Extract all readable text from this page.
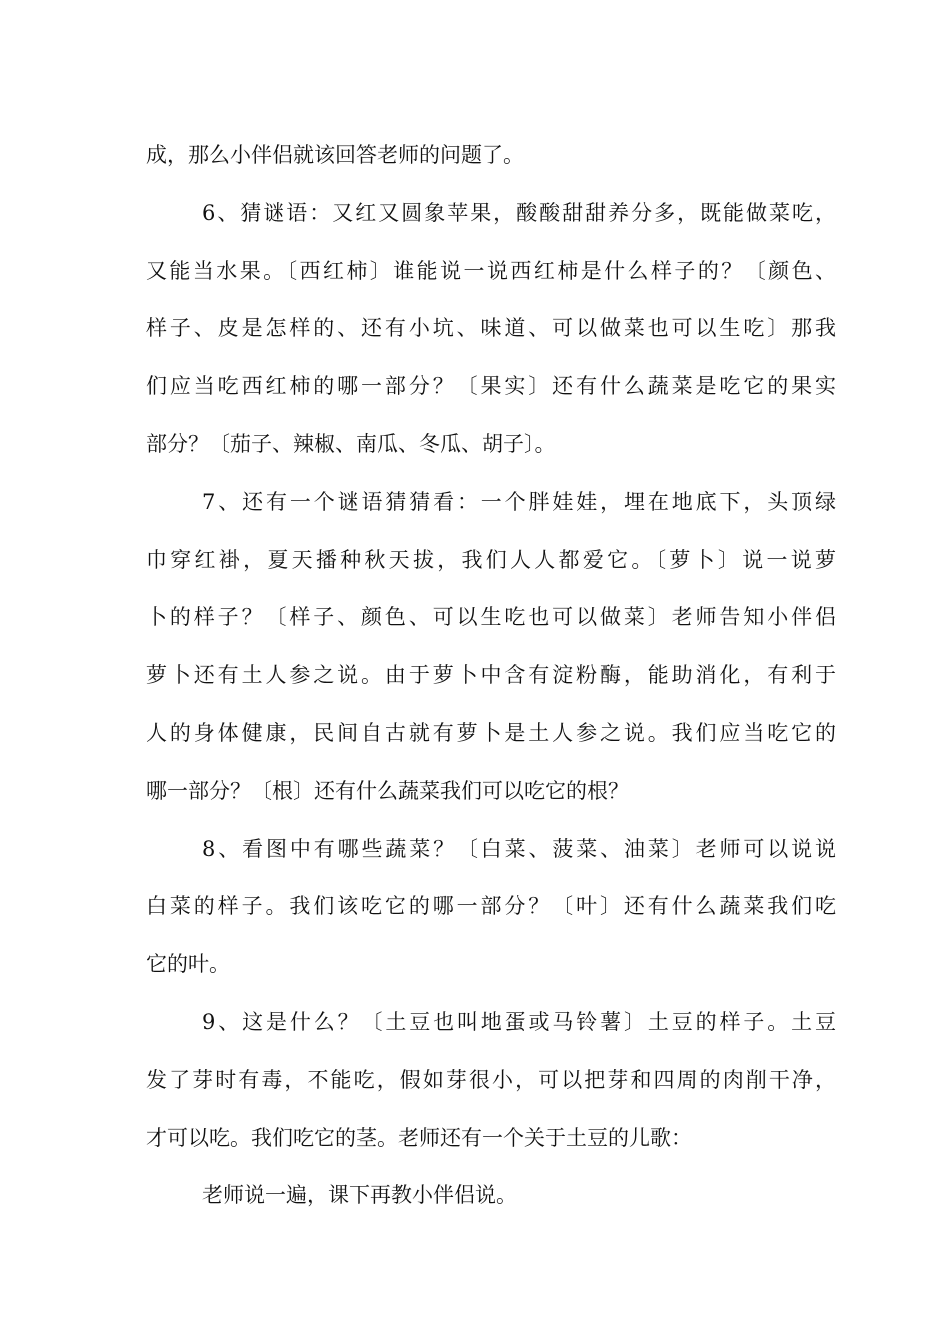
成，那么小伴侣就该回答老师的问题了。
6、猜谜语：又红又圆象苹果，酸酸甜甜养分多，既能做菜吃，
又能当水果。〔西红柿〕谁能说一说西红柿是什么样子的？〔颜色、
样子、皮是怎样的、还有小坑、味道、可以做菜也可以生吃〕那我
们应当吃西红柿的哪一部分？〔果实〕还有什么蔬菜是吃它的果实
部分？〔茄子、辣椒、南瓜、冬瓜、胡子〕。
7、还有一个谜语猜猜看：一个胖娃娃，埋在地底下，头顶绿
巾穿红褂，夏天播种秋天拔，我们人人都爱它。〔萝卜〕说一说萝
卜的样子？〔样子、颜色、可以生吃也可以做菜〕老师告知小伴侣
萝卜还有土人参之说。由于萝卜中含有淀粉酶，能助消化，有利于
人的身体健康，民间自古就有萝卜是土人参之说。我们应当吃它的
哪一部分？〔根〕还有什么蔬菜我们可以吃它的根？
8、看图中有哪些蔬菜？〔白菜、菠菜、油菜〕老师可以说说
白菜的样子。我们该吃它的哪一部分？〔叶〕还有什么蔬菜我们吃
它的叶。
9、这是什么？〔土豆也叫地蛋或马铃薯〕土豆的样子。土豆
发了芽时有毒，不能吃，假如芽很小，可以把芽和四周的肉削干净，
才可以吃。我们吃它的茎。老师还有一个关于土豆的儿歌：
老师说一遍，课下再教小伴侣说。
